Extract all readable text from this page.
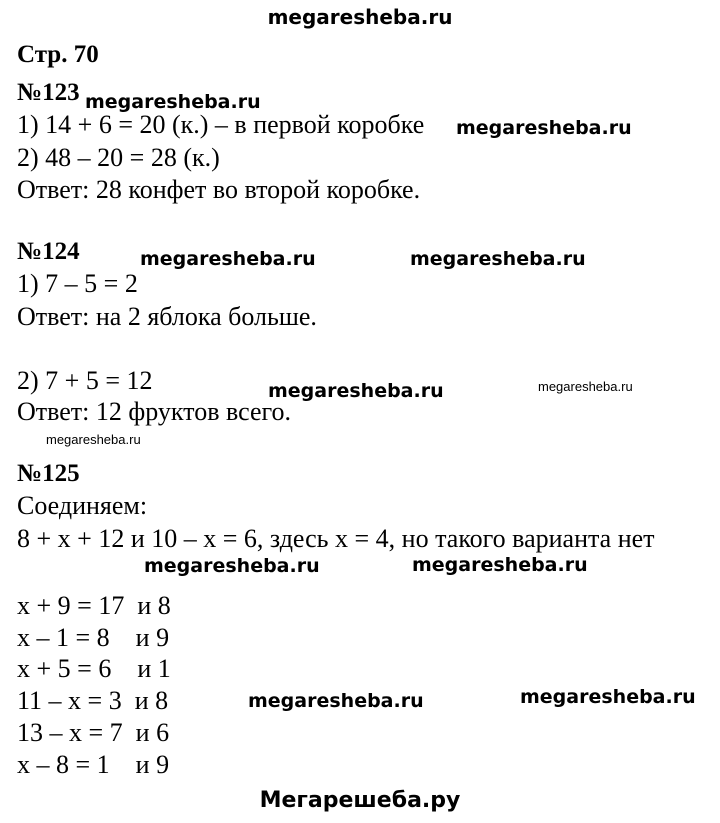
megaresheba.ru
Стр. 70
№123 megaresheba.ru
1) 14 + 6 = 20 (к.) – в первой коробке megaresheba.ru
2) 48 – 20 = 28 (к.)
Ответ: 28 конфет во второй коробке.
№124	megaresheba.ru	megaresheba.ru
1) 7 – 5 = 2
Ответ: на 2 яблока больше.
2) 7 + 5 = 12	megaresheba.ru	megaresheba.ru
Ответ: 12 фруктов всего.
megaresheba.ru
№125
Соединяем:
8 + x + 12 и 10 – x = 6, здесь x = 4, но такого варианта нет
megaresheba.ru	megaresheba.ru
x + 9 = 17  и 8
x – 1 = 8    и 9
x + 5 = 6    и 1
11 – x = 3  и 8	megaresheba.ru	megaresheba.ru
13 – x = 7  и 6
x – 8 = 1    и 9
Мегарешеба.ру
